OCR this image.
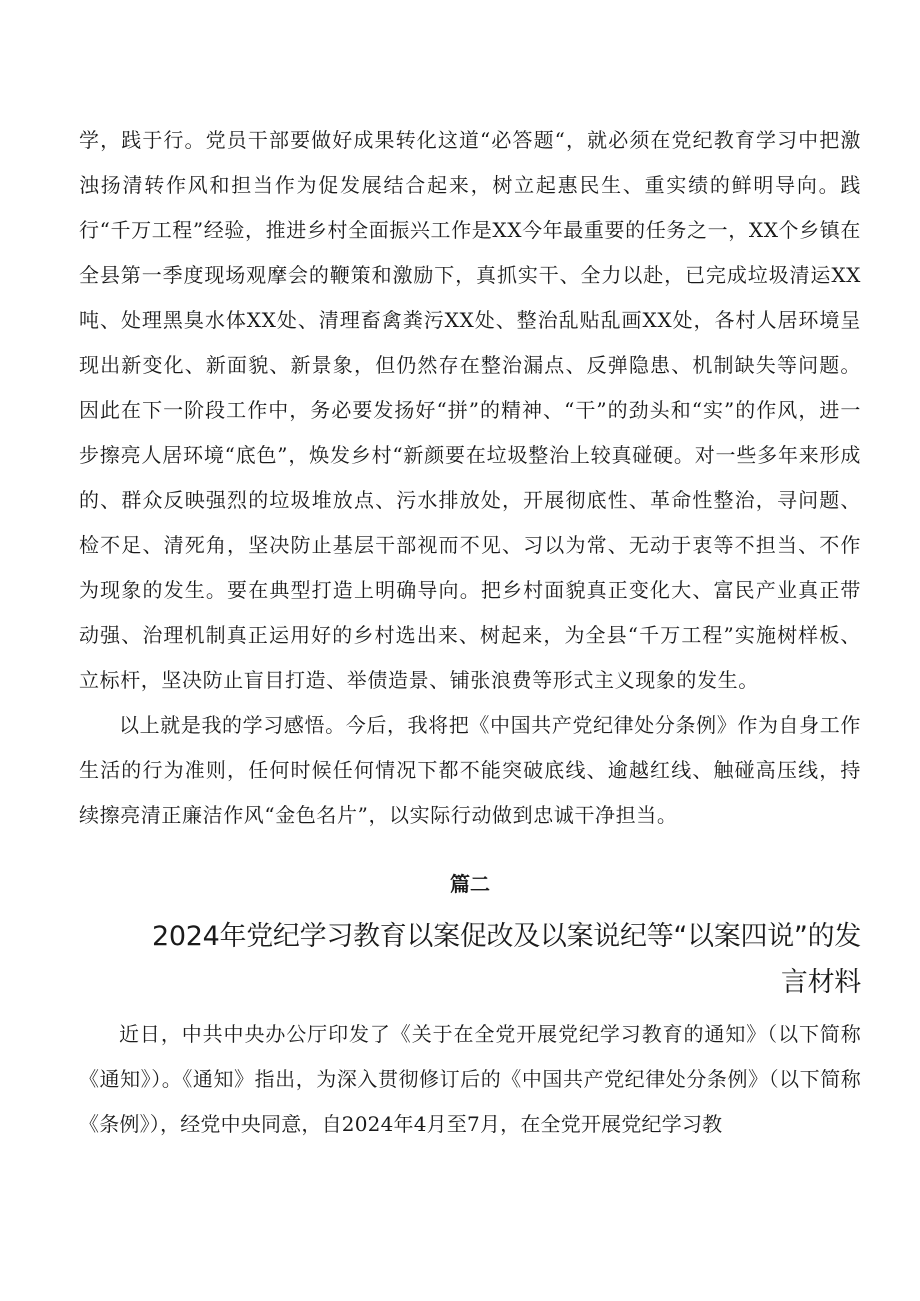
学，践于行。党员干部要做好成果转化这道“必答题“，就必须在党纪教育学习中把激浊扬清转作风和担当作为促发展结合起来，树立起惠民生、重实绩的鲜明导向。践行“千万工程”经验，推进乡村全面振兴工作是XX今年最重要的任务之一，XX个乡镇在全县第一季度现场观摩会的鞭策和激励下，真抓实干、全力以赴，已完成垃圾清运XX吨、处理黑臭水体XX处、清理畜禽粪污XX处、整治乱贴乱画XX处，各村人居环境呈现出新变化、新面貌、新景象，但仍然存在整治漏点、反弹隐患、机制缺失等问题。因此在下一阶段工作中，务必要发扬好“拼”的精神、“干”的劲头和“实”的作风，进一步擦亮人居环境“底色”，焕发乡村“新颜要在垃圾整治上较真碰硬。对一些多年来形成的、群众反映强烈的垃圾堆放点、污水排放处，开展彻底性、革命性整治，寻问题、检不足、清死角，坚决防止基层干部视而不见、习以为常、无动于衷等不担当、不作为现象的发生。要在典型打造上明确导向。把乡村面貌真正变化大、富民产业真正带动强、治理机制真正运用好的乡村选出来、树起来，为全县“千万工程”实施树样板、立标杆，坚决防止盲目打造、举债造景、铺张浪费等形式主义现象的发生。

以上就是我的学习感悟。今后，我将把《中国共产党纪律处分条例》作为自身工作生活的行为准则，任何时候任何情况下都不能突破底线、逾越红线、触碰高压线，持续擦亮清正廉洁作风“金色名片”，以实际行动做到忠诚干净担当。

篇二
2024年党纪学习教育以案促改及以案说纪等“以案四说”的发
言材料

近日，中共中央办公厅印发了《关于在全党开展党纪学习教育的通知》（以下简称《通知》）。《通知》指出，为深入贯彻修订后的《中国共产党纪律处分条例》（以下简称《条例》），经党中央同意，自2024年4月至7月，在全党开展党纪学习教
